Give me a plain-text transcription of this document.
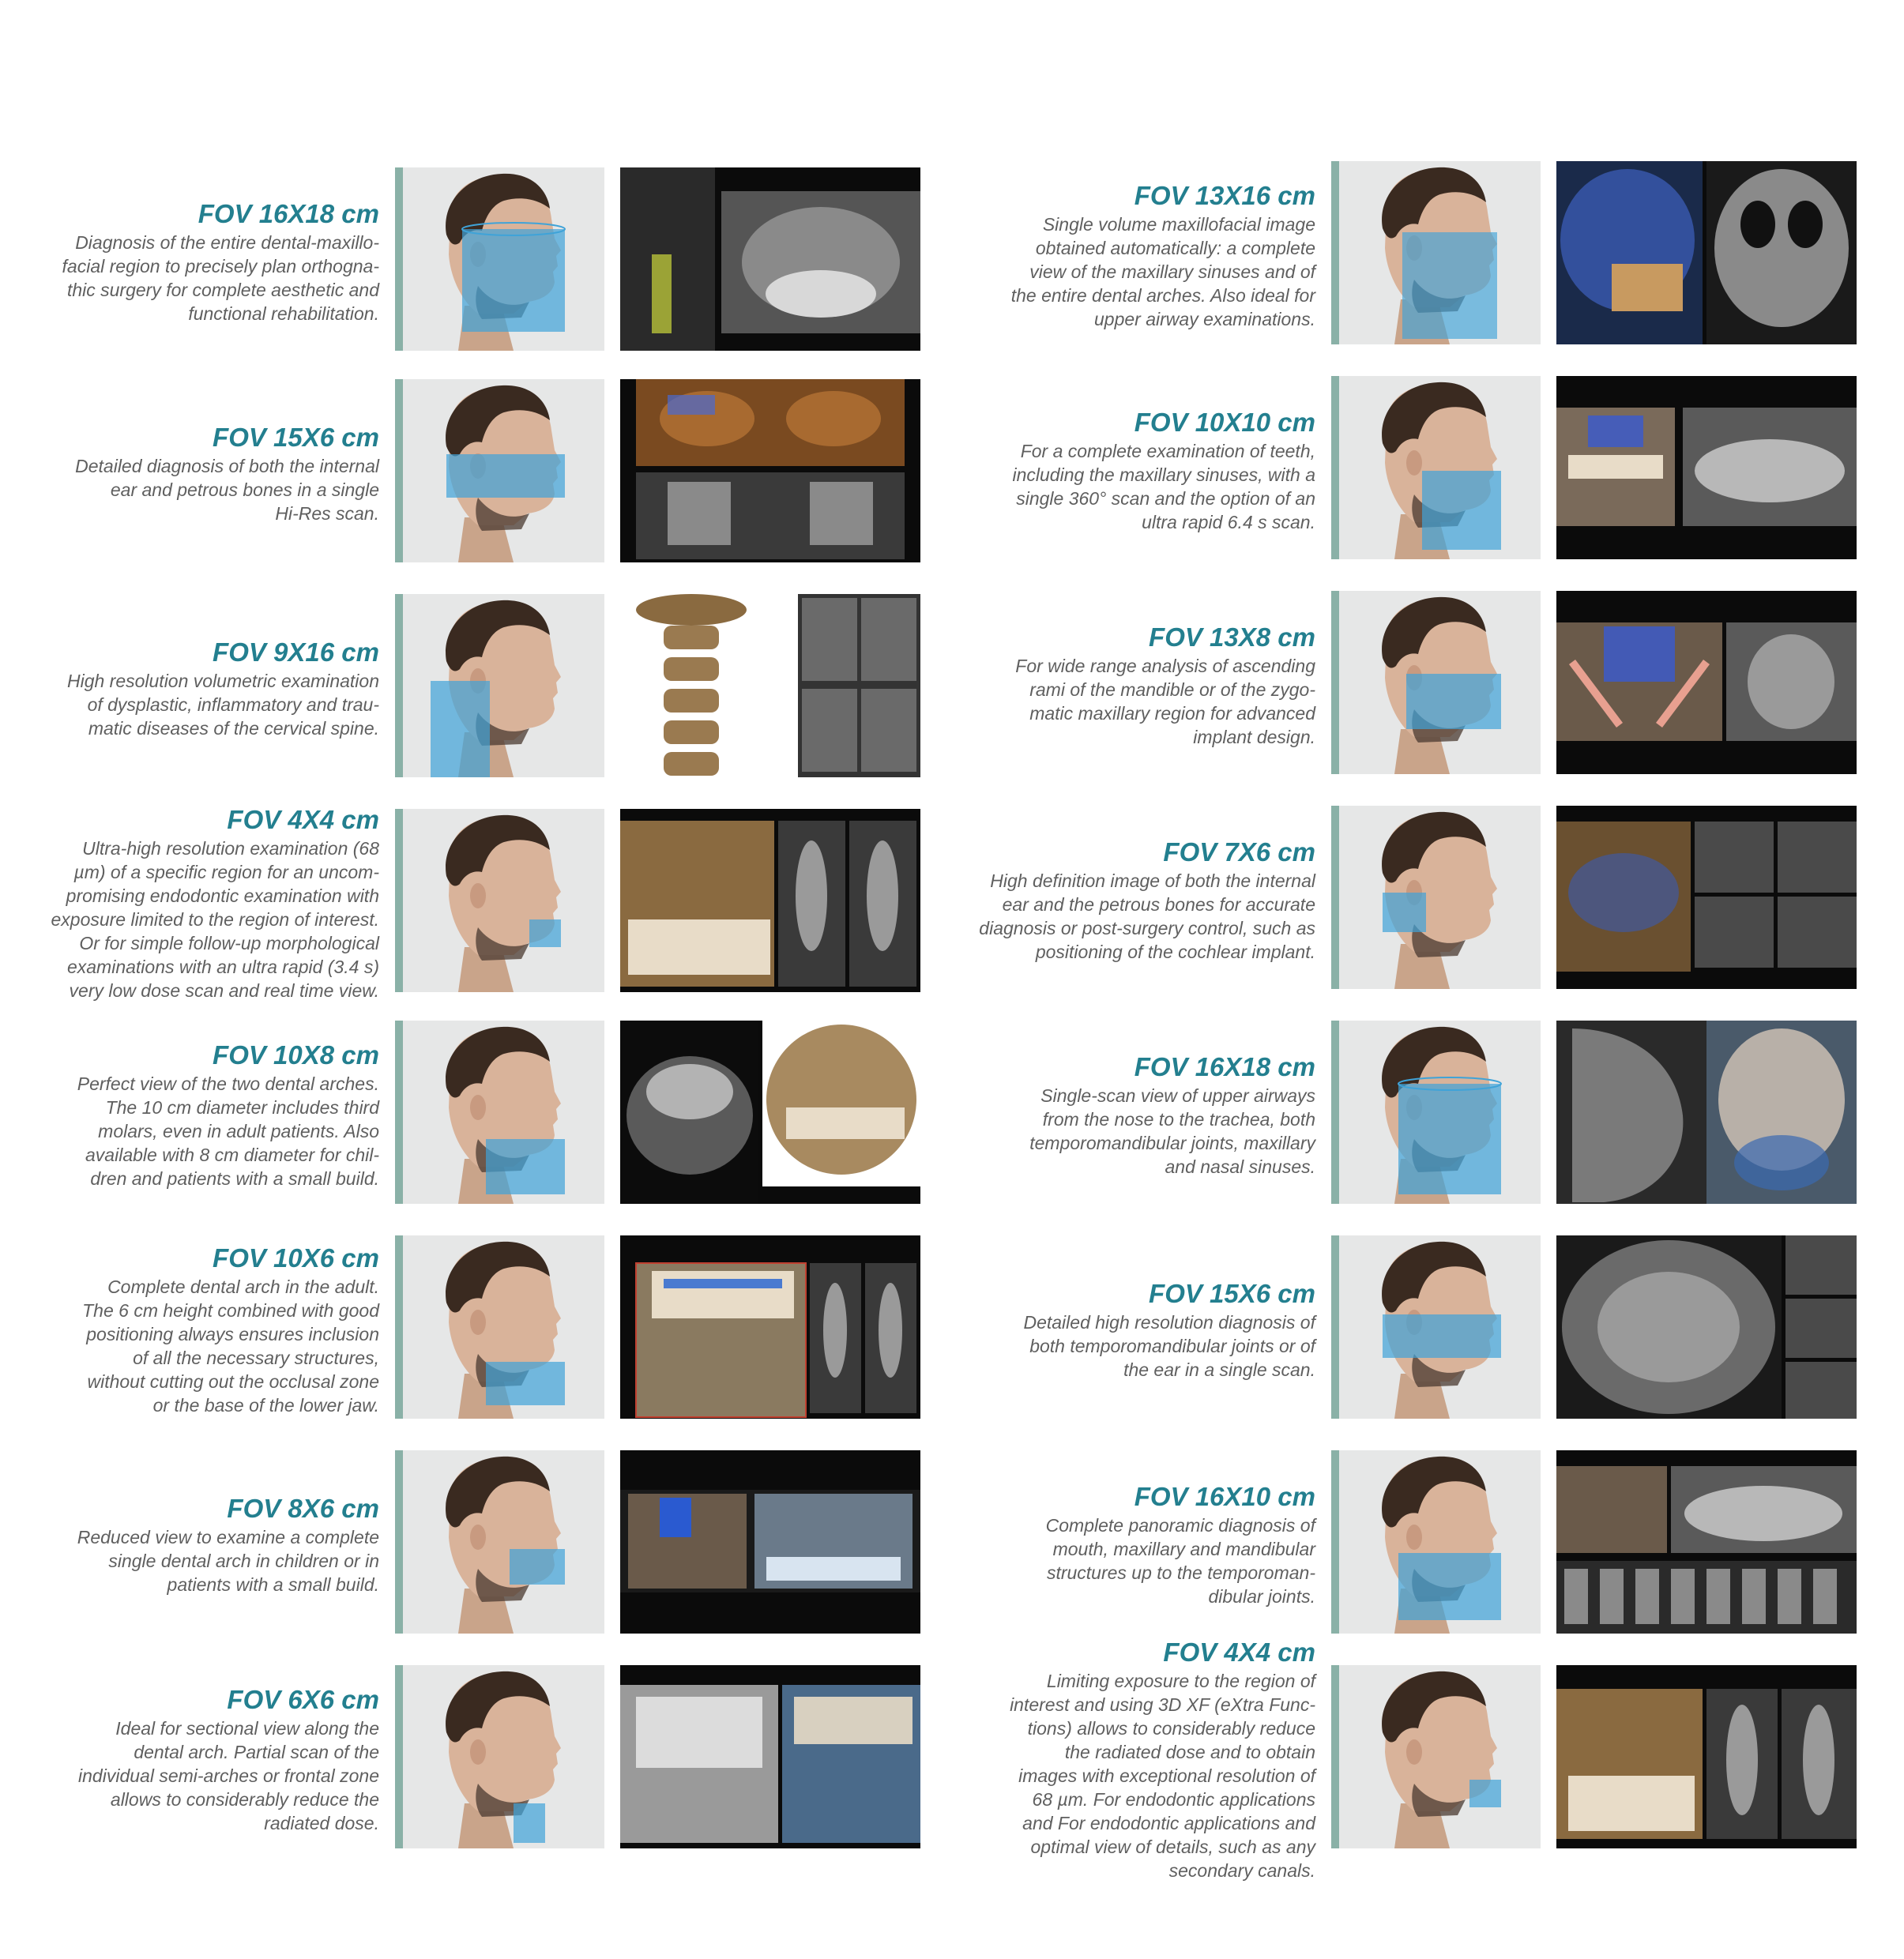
FOV 16X18 cm
Diagnosis of the entire dental-maxillo-
facial region to precisely plan orthogna-
thic surgery for complete aesthetic and
functional rehabilitation.
FOV 15X6 cm
Detailed diagnosis of both the internal
ear and petrous bones in a single
Hi-Res scan.
FOV 9X16 cm
High resolution volumetric examination
of dysplastic, inflammatory and trau-
matic diseases of the cervical spine.
FOV 4X4 cm
Ultra-high resolution examination (68
µm) of a specific region for an uncom-
promising endodontic examination with
exposure limited to the region of interest.
Or for simple follow-up morphological
examinations with an ultra rapid (3.4 s)
very low dose scan and real time view.
FOV 10X8 cm
Perfect view of the two dental arches.
The 10 cm diameter includes third
molars, even in adult patients. Also
available with 8 cm diameter for chil-
dren and patients with a small build.
FOV 10X6 cm
Complete dental arch in the adult.
The 6 cm height combined with good
positioning always ensures inclusion
of all the necessary structures,
without cutting out the occlusal zone
or the base of the lower jaw.
FOV 8X6 cm
Reduced view to examine a complete
single dental arch in children or in
patients with a small build.
FOV 6X6 cm
Ideal for sectional view along the
dental arch. Partial scan of the
individual semi-arches or frontal zone
allows to considerably reduce the
radiated dose.
FOV 13X16 cm
Single volume maxillofacial image
obtained automatically: a complete
view of the maxillary sinuses and of
the entire dental arches. Also ideal for
upper airway examinations.
FOV 10X10 cm
For a complete examination of teeth,
including the maxillary sinuses, with a
single 360° scan and the option of an
ultra rapid 6.4 s scan.
FOV 13X8 cm
For wide range analysis of ascending
rami of the mandible or of the zygo-
matic maxillary region for advanced
implant design.
FOV 7X6 cm
High definition image of both the internal
ear and the petrous bones for accurate
diagnosis or post-surgery control, such as
positioning of the cochlear implant.
FOV 16X18 cm
Single-scan view of upper airways
from the nose to the trachea, both
temporomandibular joints, maxillary
and nasal sinuses.
FOV 15X6 cm
Detailed high resolution diagnosis of
both temporomandibular joints or of
the ear in a single scan.
FOV 16X10 cm
Complete panoramic diagnosis of
mouth, maxillary and mandibular
structures up to the temporoman-
dibular joints.
FOV 4X4 cm
Limiting exposure to the region of
interest and using 3D XF (eXtra Func-
tions) allows to considerably reduce
the radiated dose and to obtain
images with exceptional resolution of
68 µm. For endodontic applications
and For endodontic applications and
optimal view of details, such as any
secondary canals.
